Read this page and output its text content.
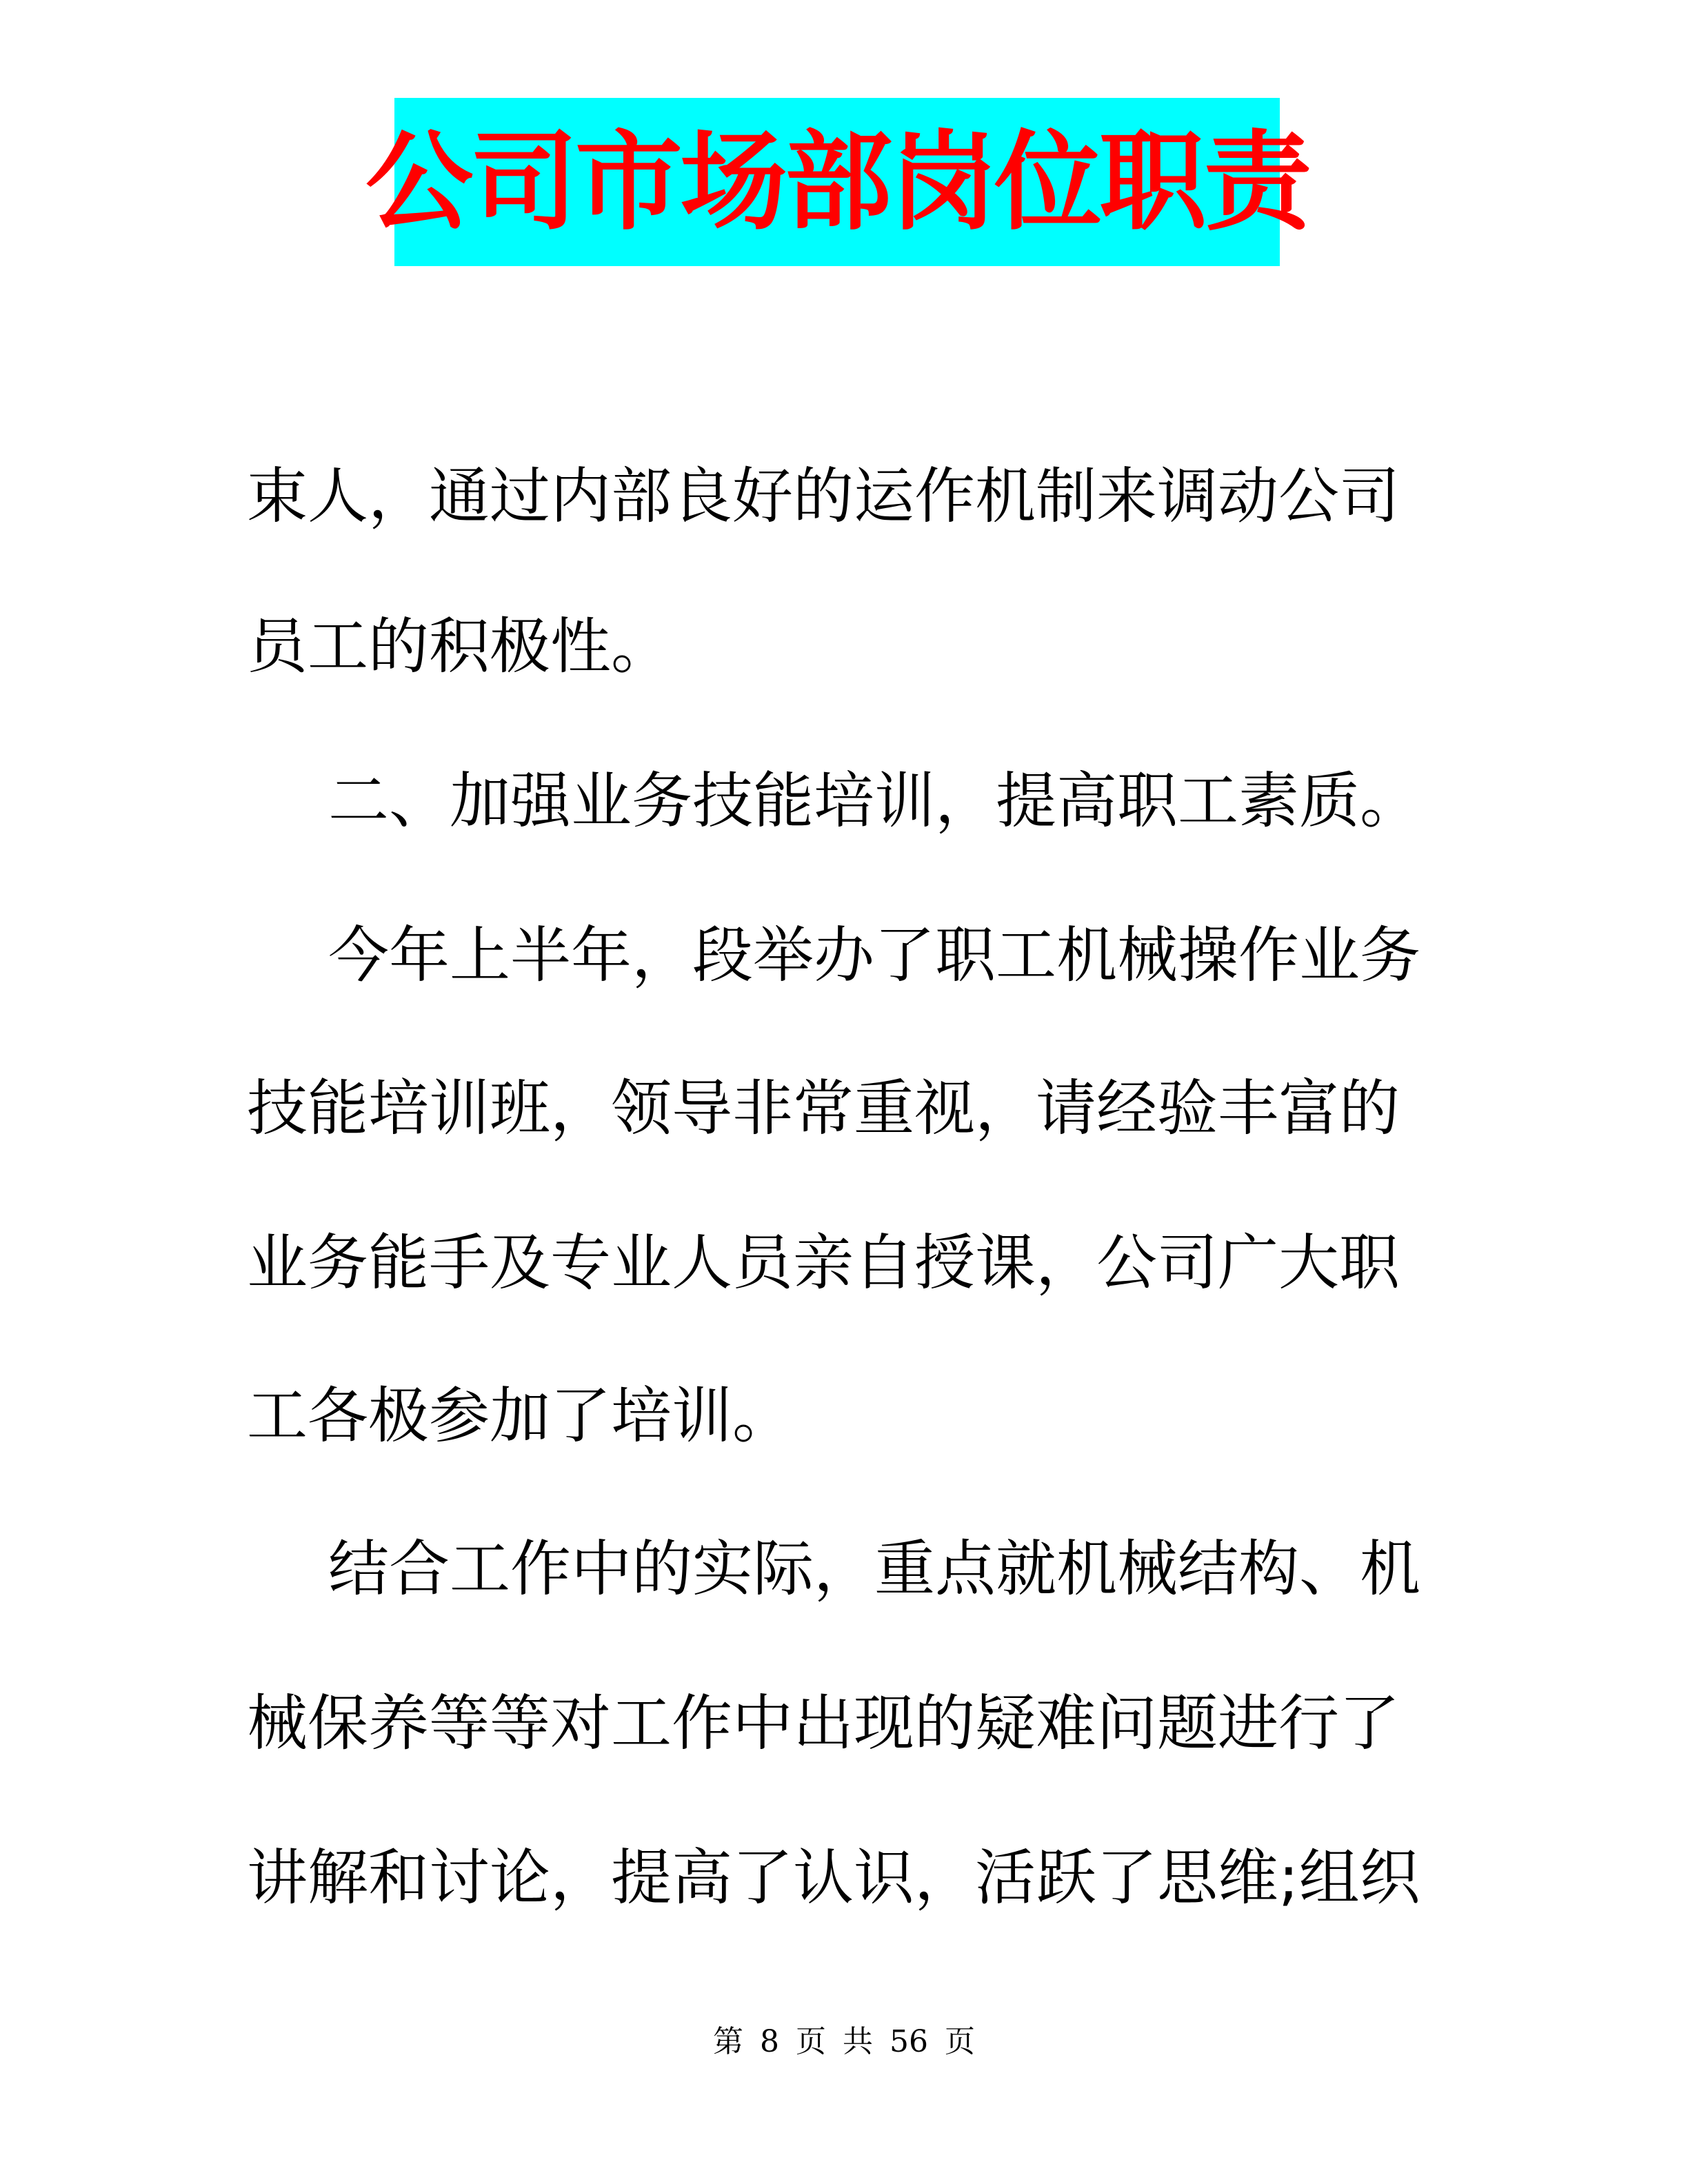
公司市场部岗位职责
束人，通过内部良好的运作机制来调动公司
员工的积极性。
二、加强业务技能培训，提高职工素质。
今年上半年，段举办了职工机械操作业务
技能培训班，领导非常重视，请经验丰富的
业务能手及专业人员亲自授课，公司广大职
工各极参加了培训。
结合工作中的实际，重点就机械结构、机
械保养等等对工作中出现的疑难问题进行了
讲解和讨论，提高了认识，活跃了思维;组织
第 8 页 共 56 页
